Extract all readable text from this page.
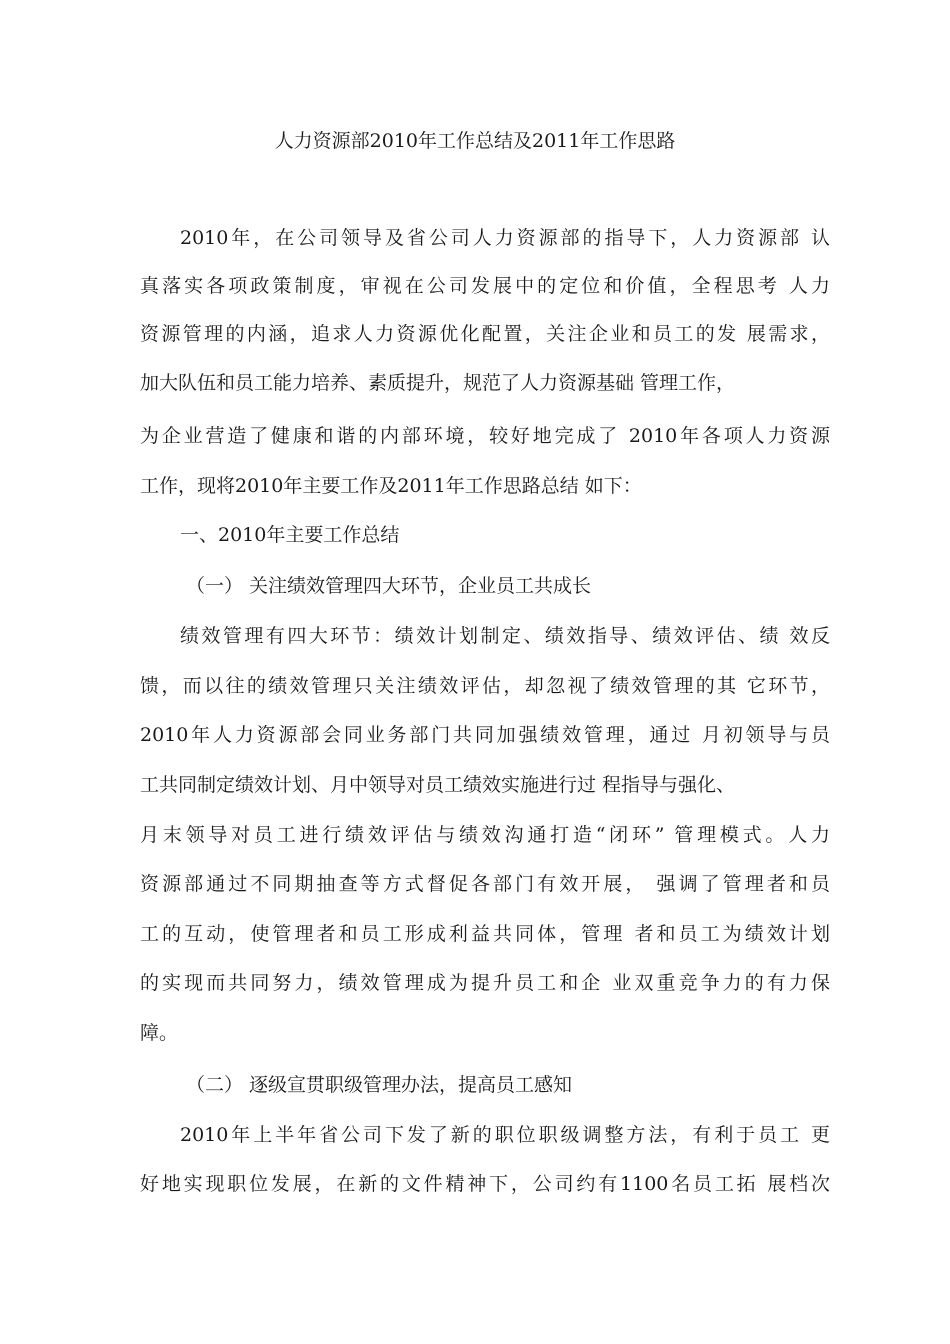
人力资源部2010年工作总结及2011年工作思路
2010年，在公司领导及省公司人力资源部的指导下，人力资源部 认
真落实各项政策制度，审视在公司发展中的定位和价值，全程思考 人力
资源管理的内涵，追求人力资源优化配置，关注企业和员工的发 展需求，
加大队伍和员工能力培养、素质提升，规范了人力资源基础 管理工作，
为企业营造了健康和谐的内部环境，较好地完成了 2010年各项人力资源
工作，现将2010年主要工作及2011年工作思路总结 如下：
一、2010年主要工作总结
（一） 关注绩效管理四大环节，企业员工共成长
绩效管理有四大环节：绩效计划制定、绩效指导、绩效评估、绩 效反
馈，而以往的绩效管理只关注绩效评估，却忽视了绩效管理的其 它环节，
2010年人力资源部会同业务部门共同加强绩效管理，通过 月初领导与员
工共同制定绩效计划、月中领导对员工绩效实施进行过 程指导与强化、
月末领导对员工进行绩效评估与绩效沟通打造“闭环” 管理模式。人力
资源部通过不同期抽查等方式督促各部门有效开展， 强调了管理者和员
工的互动，使管理者和员工形成利益共同体，管理 者和员工为绩效计划
的实现而共同努力，绩效管理成为提升员工和企 业双重竞争力的有力保
障。
（二） 逐级宣贯职级管理办法，提高员工感知
2010年上半年省公司下发了新的职位职级调整方法，有利于员工 更
好地实现职位发展，在新的文件精神下，公司约有1100名员工拓 展档次
